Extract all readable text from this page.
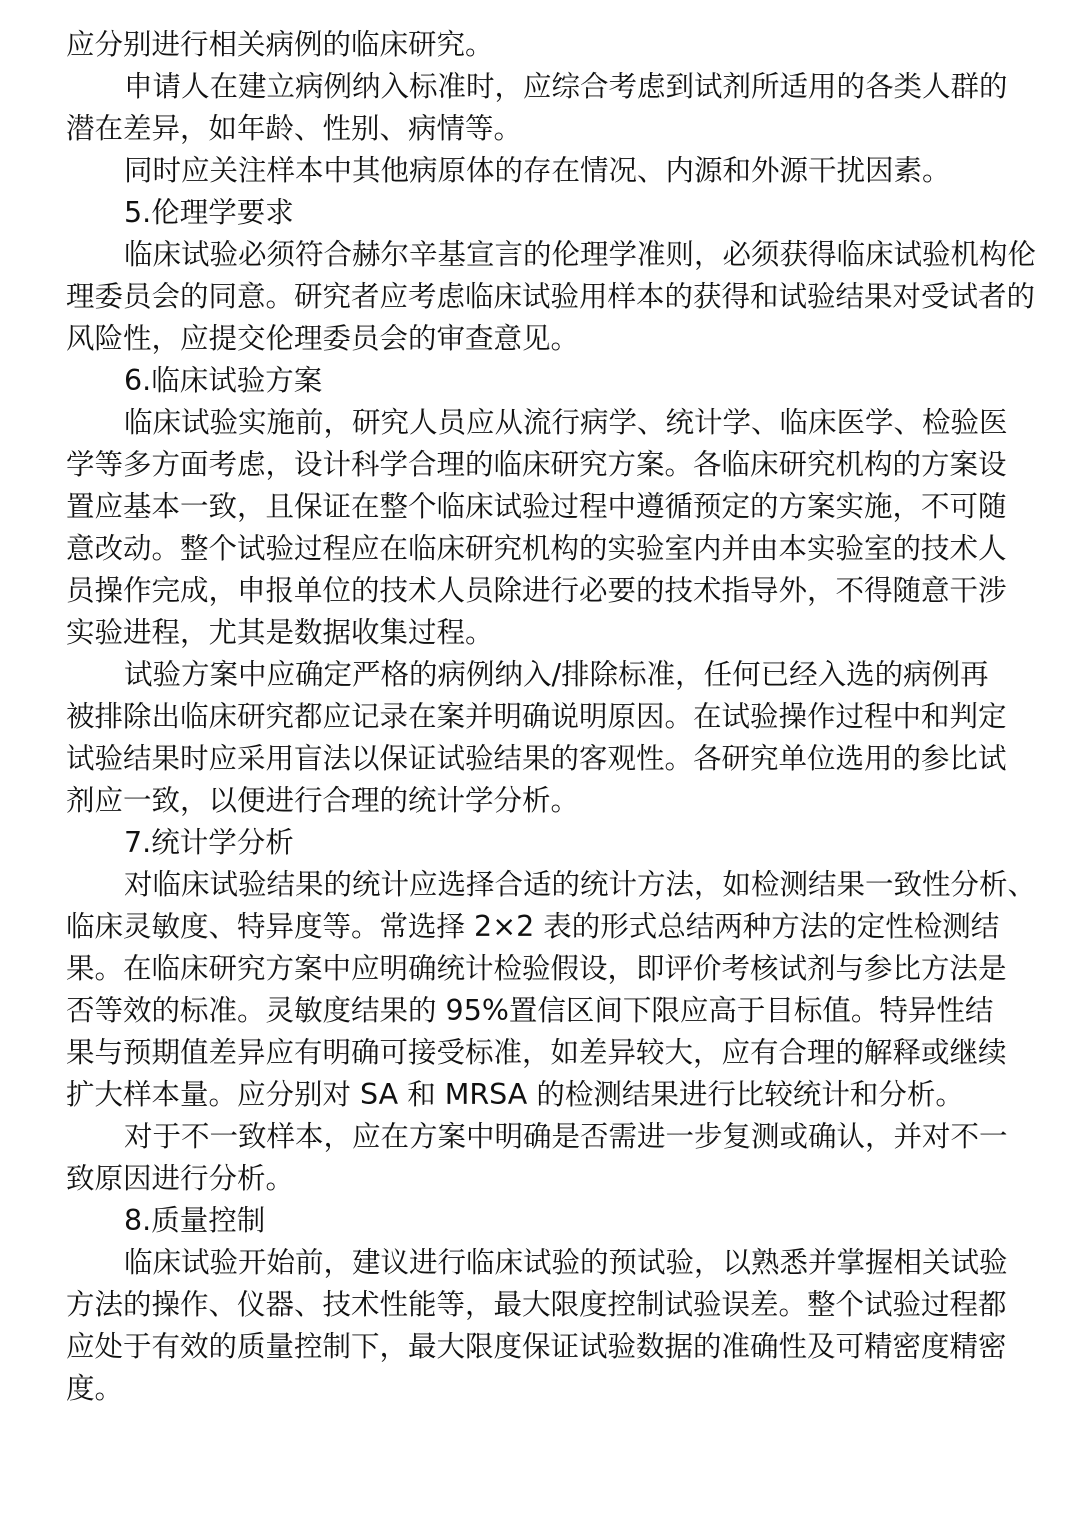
应分别进行相关病例的临床研究。

申请人在建立病例纳入标准时，应综合考虑到试剂所适用的各类人群的

潜在差异，如年龄、性别、病情等。

同时应关注样本中其他病原体的存在情况、内源和外源干扰因素。

5.伦理学要求

临床试验必须符合赫尔辛基宣言的伦理学准则，必须获得临床试验机构伦

理委员会的同意。研究者应考虑临床试验用样本的获得和试验结果对受试者的

风险性，应提交伦理委员会的审查意见。

6.临床试验方案

临床试验实施前，研究人员应从流行病学、统计学、临床医学、检验医

学等多方面考虑，设计科学合理的临床研究方案。各临床研究机构的方案设

置应基本一致，且保证在整个临床试验过程中遵循预定的方案实施，不可随

意改动。整个试验过程应在临床研究机构的实验室内并由本实验室的技术人

员操作完成，申报单位的技术人员除进行必要的技术指导外，不得随意干涉

实验进程，尤其是数据收集过程。

试验方案中应确定严格的病例纳入/排除标准，任何已经入选的病例再

被排除出临床研究都应记录在案并明确说明原因。在试验操作过程中和判定

试验结果时应采用盲法以保证试验结果的客观性。各研究单位选用的参比试

剂应一致，以便进行合理的统计学分析。

7.统计学分析

对临床试验结果的统计应选择合适的统计方法，如检测结果一致性分析、

临床灵敏度、特异度等。常选择 2×2 表的形式总结两种方法的定性检测结

果。在临床研究方案中应明确统计检验假设，即评价考核试剂与参比方法是

否等效的标准。灵敏度结果的 95%置信区间下限应高于目标值。特异性结

果与预期值差异应有明确可接受标准，如差异较大，应有合理的解释或继续

扩大样本量。应分别对 SA 和 MRSA 的检测结果进行比较统计和分析。

对于不一致样本，应在方案中明确是否需进一步复测或确认，并对不一

致原因进行分析。

8.质量控制

临床试验开始前，建议进行临床试验的预试验，以熟悉并掌握相关试验

方法的操作、仪器、技术性能等，最大限度控制试验误差。整个试验过程都

应处于有效的质量控制下，最大限度保证试验数据的准确性及可精密度精密

度。
